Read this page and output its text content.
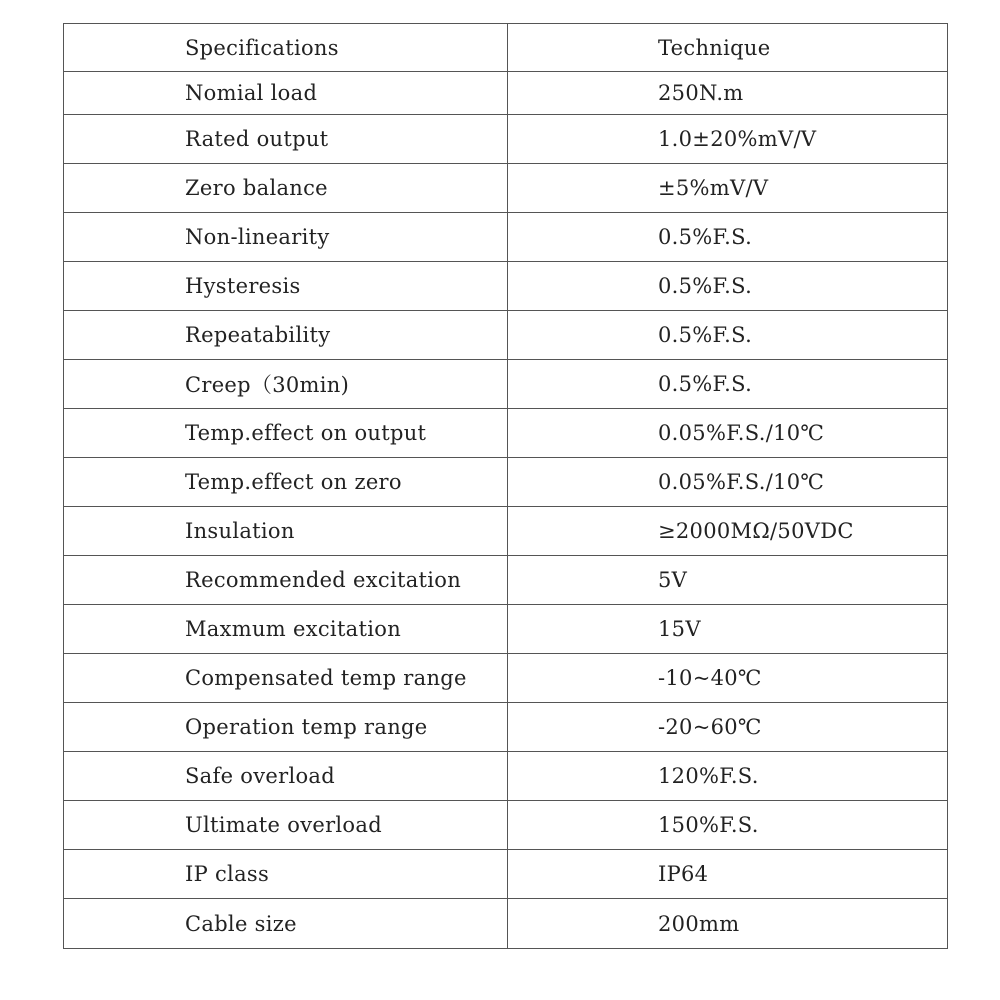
Specifications	Technique
Nomial load	250N.m
Rated output	1.0±20%mV/V
Zero balance	±5%mV/V
Non-linearity	0.5%F.S.
Hysteresis	0.5%F.S.
Repeatability	0.5%F.S.
Creep（30min)	0.5%F.S.
Temp.effect on output	0.05%F.S./10℃
Temp.effect on zero	0.05%F.S./10℃
Insulation	≥2000MΩ/50VDC
Recommended excitation	5V
Maxmum excitation	15V
Compensated temp range	-10~40℃
Operation temp range	-20~60℃
Safe overload	120%F.S.
Ultimate overload	150%F.S.
IP class	IP64
Cable size	200mm
